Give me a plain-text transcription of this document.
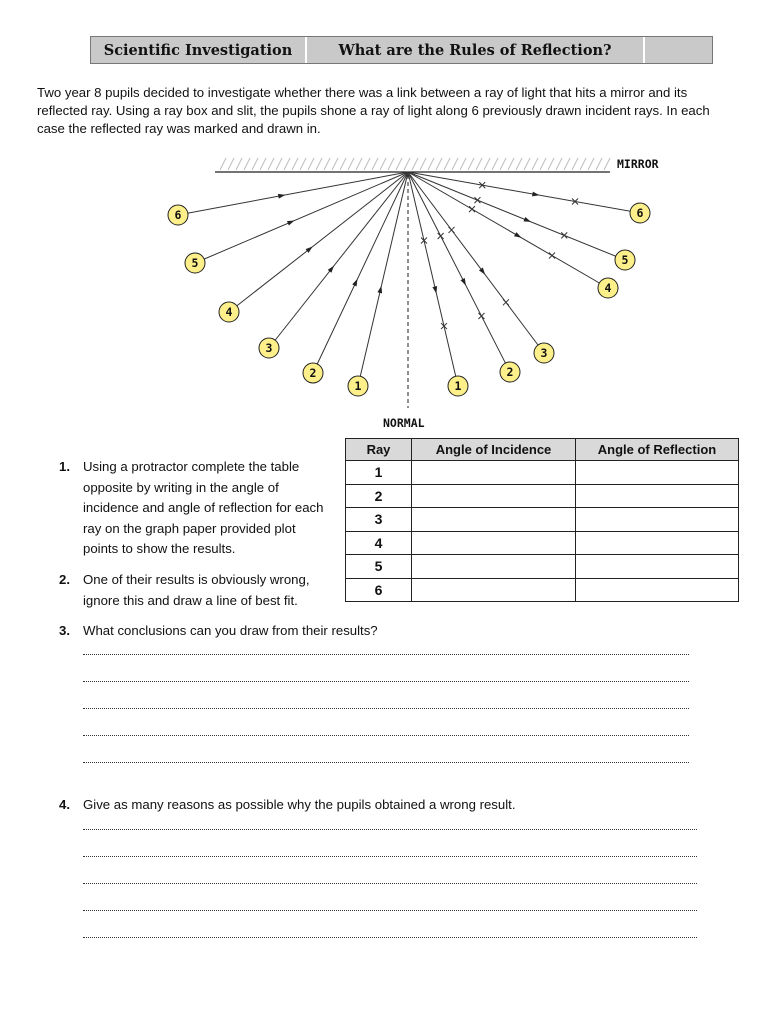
Scientific Investigation	What are the Rules of Reflection?

Two year 8 pupils decided to investigate whether there was a link between a ray of light that hits a mirror and its reflected ray. Using a ray box and slit, the pupils shone a ray of light along 6 previously drawn incident rays. In each case the reflected ray was marked and drawn in.

6
5
4
3
2
1	1
2
3
4
5
6
MIRROR
NORMAL
Ray	Angle of Incidence	Angle of Reflection
1		
2		
3		
4		
5		
6		
1. Using a protractor complete the table opposite by writing in the angle of incidence and angle of reflection for each ray on the graph paper provided plot points to show the results.
2. One of their results is obviously wrong, ignore this and draw a line of best fit.
3. What conclusions can you draw from their results?
4. Give as many reasons as possible why the pupils obtained a wrong result.
